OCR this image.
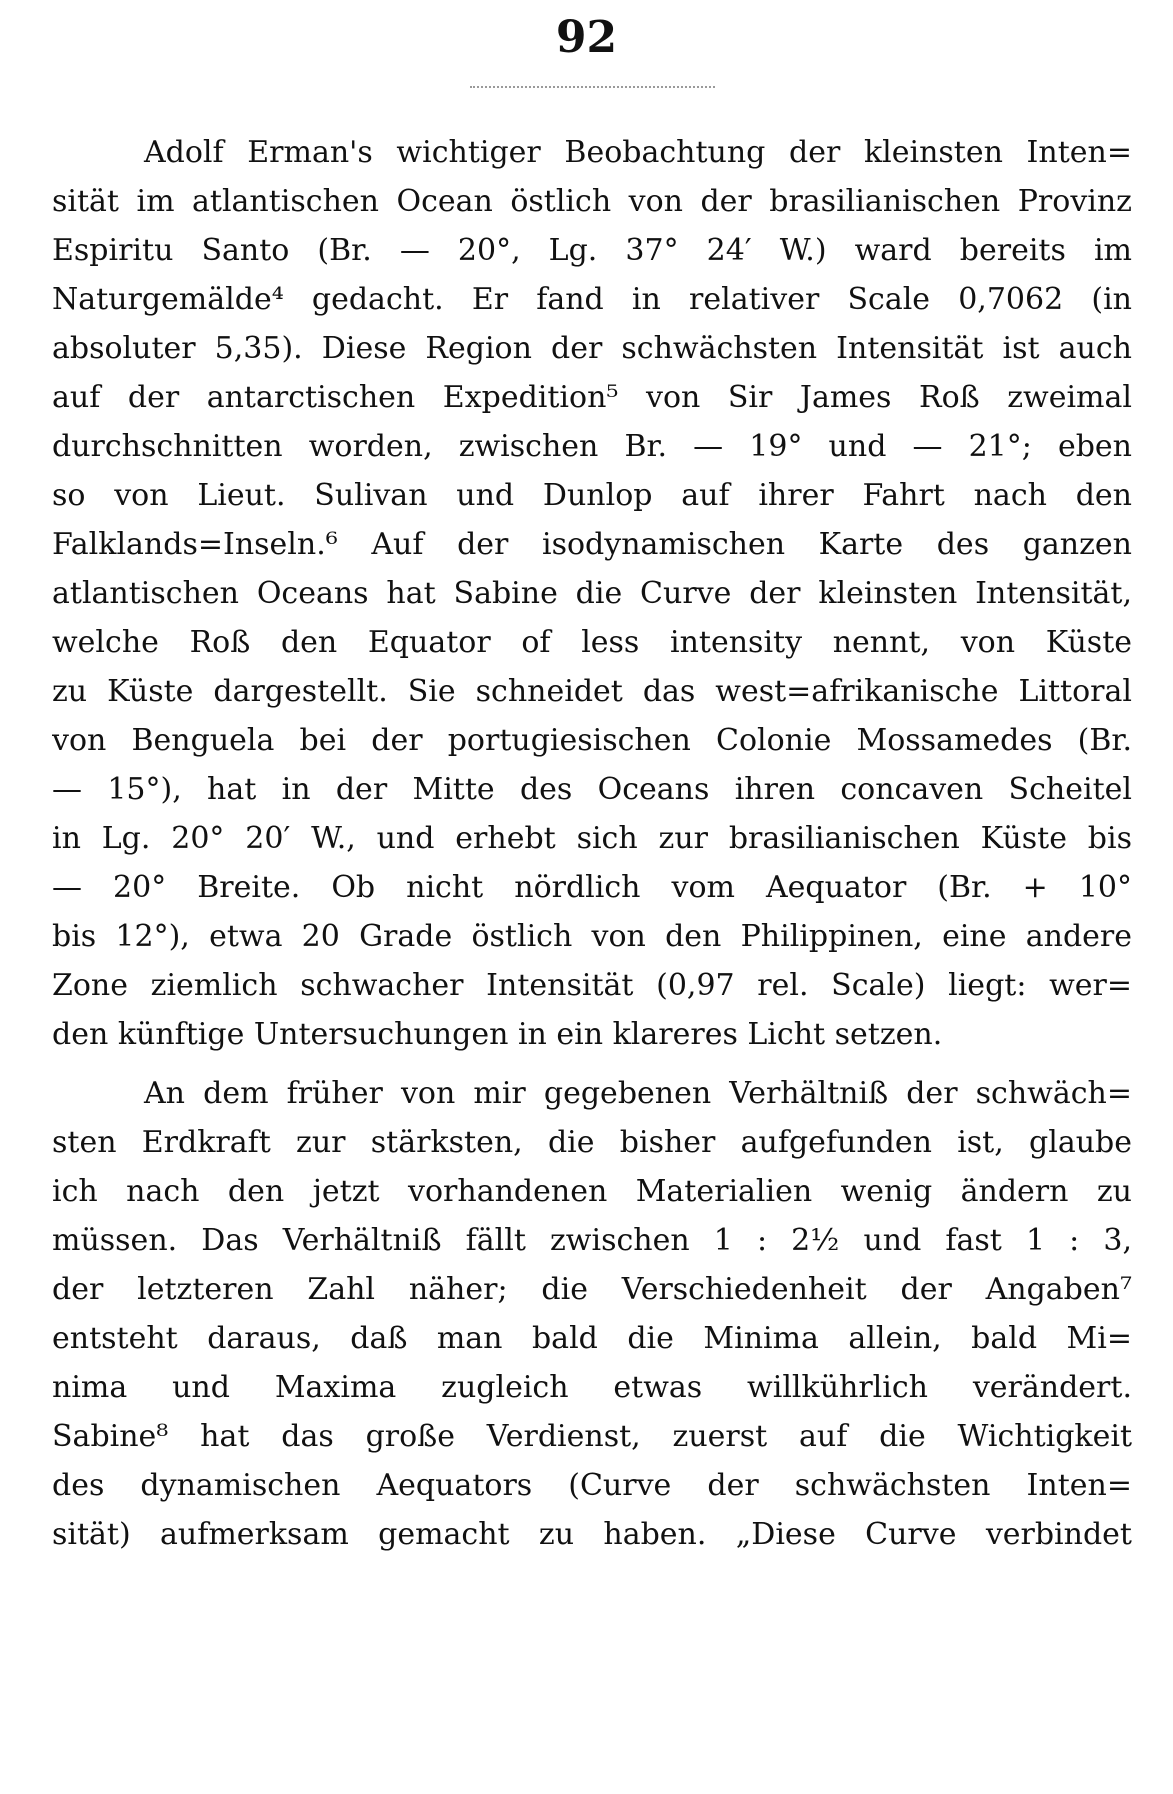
92
Adolf Erman's wichtiger Beobachtung der kleinsten Inten=
sität im atlantischen Ocean östlich von der brasilianischen Provinz
Espiritu Santo (Br. — 20°, Lg. 37° 24′ W.) ward bereits im
Naturgemälde⁴ gedacht. Er fand in relativer Scale 0,7062 (in
absoluter 5,35). Diese Region der schwächsten Intensität ist auch
auf der antarctischen Expedition⁵ von Sir James Roß zweimal
durchschnitten worden, zwischen Br. — 19° und — 21°; eben
so von Lieut. Sulivan und Dunlop auf ihrer Fahrt nach den
Falklands=Inseln.⁶ Auf der isodynamischen Karte des ganzen
atlantischen Oceans hat Sabine die Curve der kleinsten Intensität,
welche Roß den Equator of less intensity nennt, von Küste
zu Küste dargestellt. Sie schneidet das west=afrikanische Littoral
von Benguela bei der portugiesischen Colonie Mossamedes (Br.
— 15°), hat in der Mitte des Oceans ihren concaven Scheitel
in Lg. 20° 20′ W., und erhebt sich zur brasilianischen Küste bis
— 20° Breite. Ob nicht nördlich vom Aequator (Br. + 10°
bis 12°), etwa 20 Grade östlich von den Philippinen, eine andere
Zone ziemlich schwacher Intensität (0,97 rel. Scale) liegt: wer=
den künftige Untersuchungen in ein klareres Licht setzen.
An dem früher von mir gegebenen Verhältniß der schwäch=
sten Erdkraft zur stärksten, die bisher aufgefunden ist, glaube
ich nach den jetzt vorhandenen Materialien wenig ändern zu
müssen. Das Verhältniß fällt zwischen 1 : 2½ und fast 1 : 3,
der letzteren Zahl näher; die Verschiedenheit der Angaben⁷
entsteht daraus, daß man bald die Minima allein, bald Mi=
nima und Maxima zugleich etwas willkührlich verändert.
Sabine⁸ hat das große Verdienst, zuerst auf die Wichtigkeit
des dynamischen Aequators (Curve der schwächsten Inten=
sität) aufmerksam gemacht zu haben. „Diese Curve verbindet
